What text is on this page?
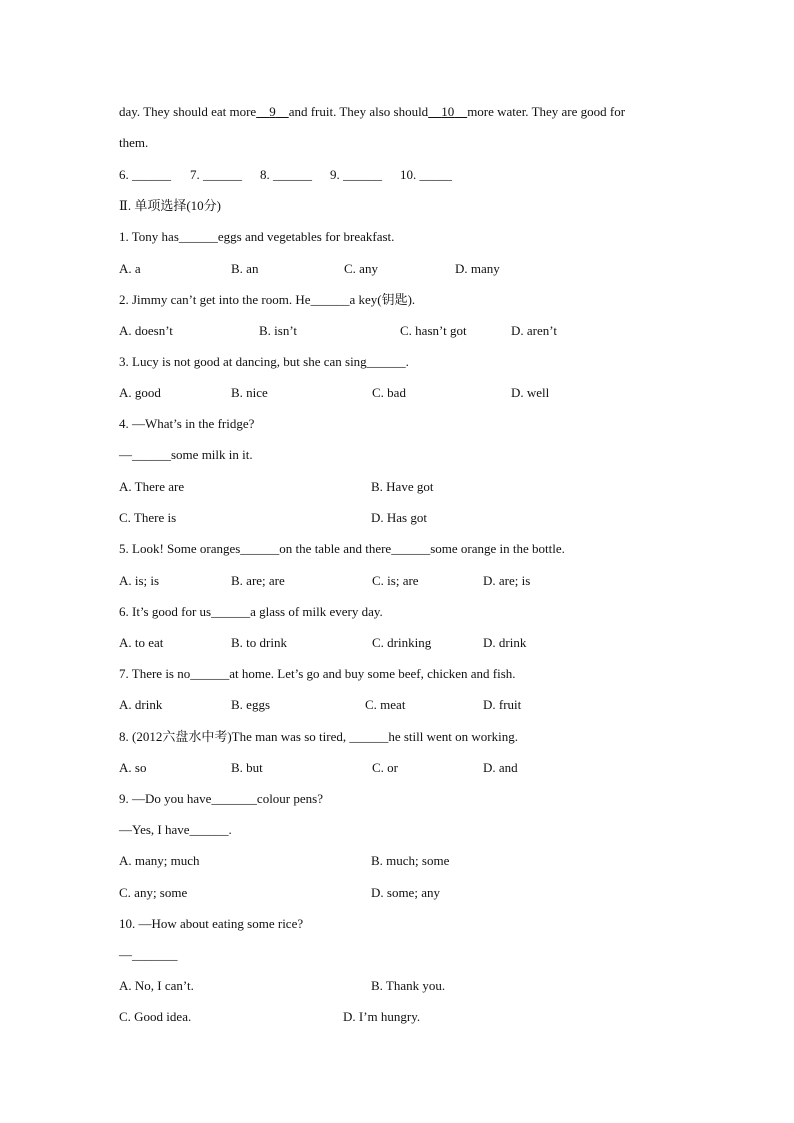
day. They should eat more 9 and fruit. They also should 10 more water. They are good for
them.
6. ______ 7. ______ 8. ______ 9. ______ 10. _____
Ⅱ. 单项选择(10分)
1. Tony has______eggs and vegetables for breakfast.
A. a	B. an	C. any	D. many
2. Jimmy can’t get into the room. He______a key(钥匙).
A. doesn’t	B. isn’t	C. hasn’t got	D. aren’t
3. Lucy is not good at dancing, but she can sing______.
A. good	B. nice	C. bad	D. well
4. —What’s in the fridge?
—______some milk in it.
A. There are	B. Have got
C. There is	D. Has got
5. Look! Some oranges______on the table and there______some orange in the bottle.
A. is; is	B. are; are	C. is; are	D. are; is
6. It’s good for us______a glass of milk every day.
A. to eat	B. to drink	C. drinking	D. drink
7. There is no______at home. Let’s go and buy some beef, chicken and fish.
A. drink	B. eggs	C. meat	D. fruit
8. (2012六盘水中考)The man was so tired, ______he still went on working.
A. so	B. but	C. or	D. and
9. —Do you have_______colour pens?
—Yes, I have______.
A. many; much	B. much; some
C. any; some	D. some; any
10. —How about eating some rice?
—_______
A. No, I can’t.	B. Thank you.
C. Good idea.	D. I’m hungry.
